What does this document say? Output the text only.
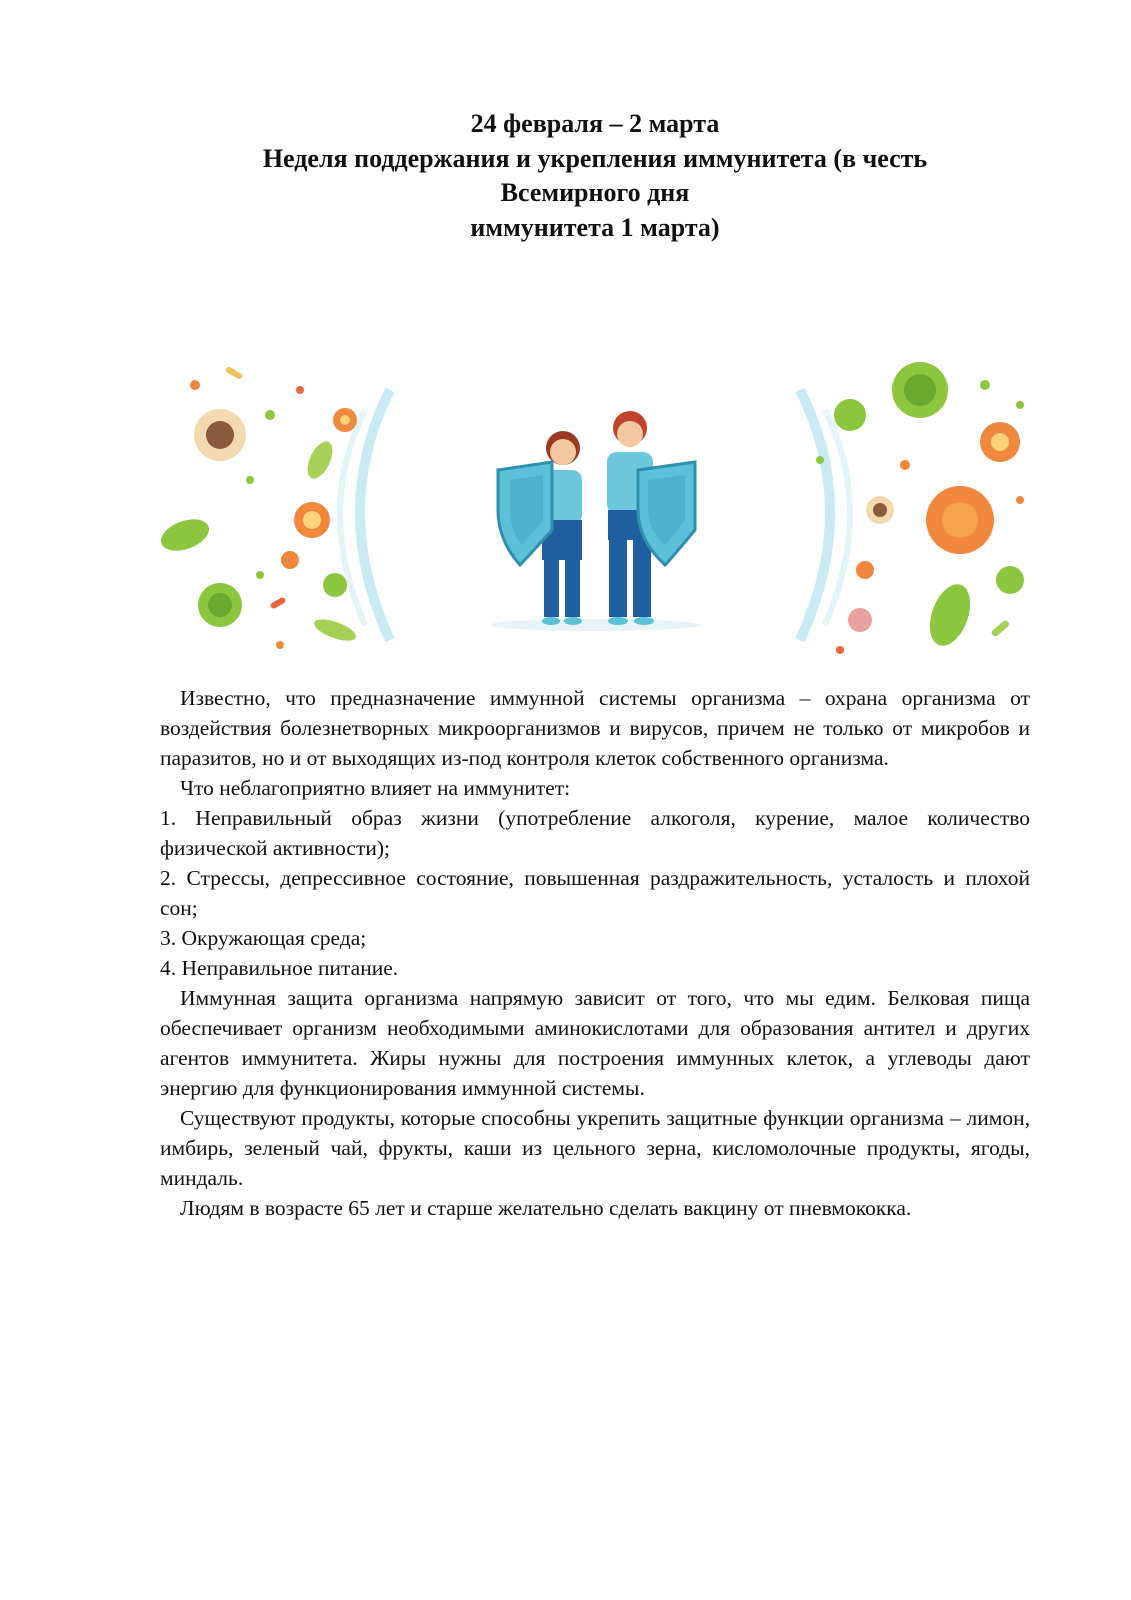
24 февраля – 2 марта
Неделя поддержания и укрепления иммунитета (в честь
Всемирного дня
иммунитета 1 марта)

Известно, что предназначение иммунной системы организма – охрана организма от воздействия болезнетворных микроорганизмов и вирусов, причем не только от микробов и паразитов, но и от выходящих из-под контроля клеток собственного организма.

Что неблагоприятно влияет на иммунитет:

1. Неправильный образ жизни (употребление алкоголя, курение, малое количество физической активности);

2. Стрессы, депрессивное состояние, повышенная раздражительность, усталость и плохой сон;

3. Окружающая среда;

4. Неправильное питание.

Иммунная защита организма напрямую зависит от того, что мы едим. Белковая пища обеспечивает организм необходимыми аминокислотами для образования антител и других агентов иммунитета. Жиры нужны для построения иммунных клеток, а углеводы дают энергию для функционирования иммунной системы.

Существуют продукты, которые способны укрепить защитные функции организма – лимон, имбирь, зеленый чай, фрукты, каши из цельного зерна, кисломолочные продукты, ягоды, миндаль.

Людям в возрасте 65 лет и старше желательно сделать вакцину от пневмококка.
